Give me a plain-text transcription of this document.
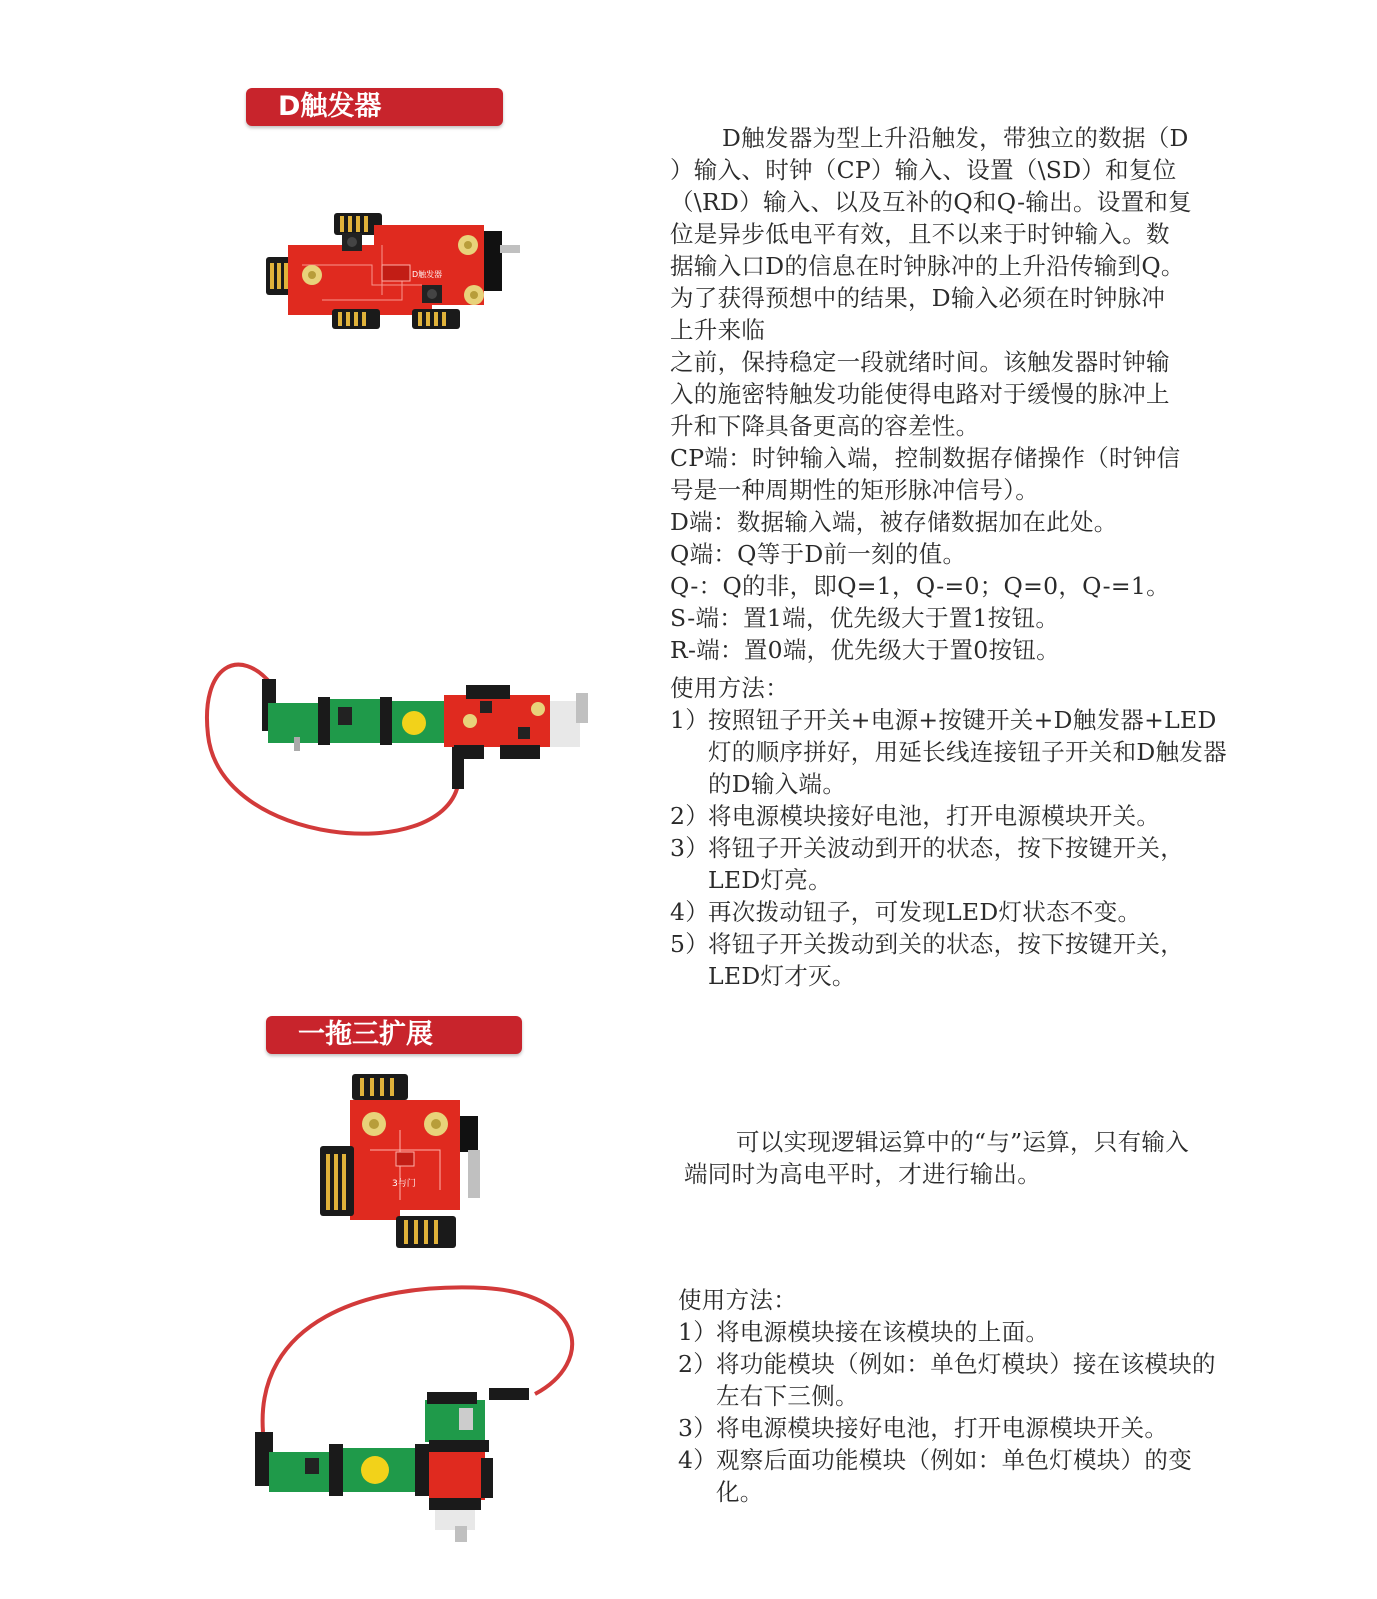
D触发器
D触发器

D触发器为型上升沿触发，带独立的数据（D

）输入、时钟（CP）输入、设置（\SD）和复位

（\RD）输入、以及互补的Q和Q-输出。设置和复

位是异步低电平有效，且不以来于时钟输入。数

据输入口D的信息在时钟脉冲的上升沿传输到Q。

为了获得预想中的结果，D输入必须在时钟脉冲

上升来临

之前，保持稳定一段就绪时间。该触发器时钟输

入的施密特触发功能使得电路对于缓慢的脉冲上

升和下降具备更高的容差性。

CP端：时钟输入端，控制数据存储操作（时钟信

号是一种周期性的矩形脉冲信号）。

D端：数据输入端，被存储数据加在此处。

Q端：Q等于D前一刻的值。

Q-：Q的非，即Q=1，Q-=0；Q=0，Q-=1。

S-端：置1端，优先级大于置1按钮。

R-端：置0端，优先级大于置0按钮。

使用方法：

1）
按照钮子开关+电源+按键开关+D触发器+LED灯的顺序拼好，用延长线连接钮子开关和D触发器的D输入端。
2）
将电源模块接好电池，打开电源模块开关。
3）
将钮子开关波动到开的状态，按下按键开关，LED灯亮。
4）
再次拨动钮子，可发现LED灯状态不变。
5）
将钮子开关拨动到关的状态，按下按键开关，LED灯才灭。
一拖三扩展
3与门

可以实现逻辑运算中的“与”运算，只有输入

端同时为高电平时，才进行输出。

使用方法：

1）
将电源模块接在该模块的上面。
2）
将功能模块（例如：单色灯模块）接在该模块的左右下三侧。
3）
将电源模块接好电池，打开电源模块开关。
4）
观察后面功能模块（例如：单色灯模块）的变化。
